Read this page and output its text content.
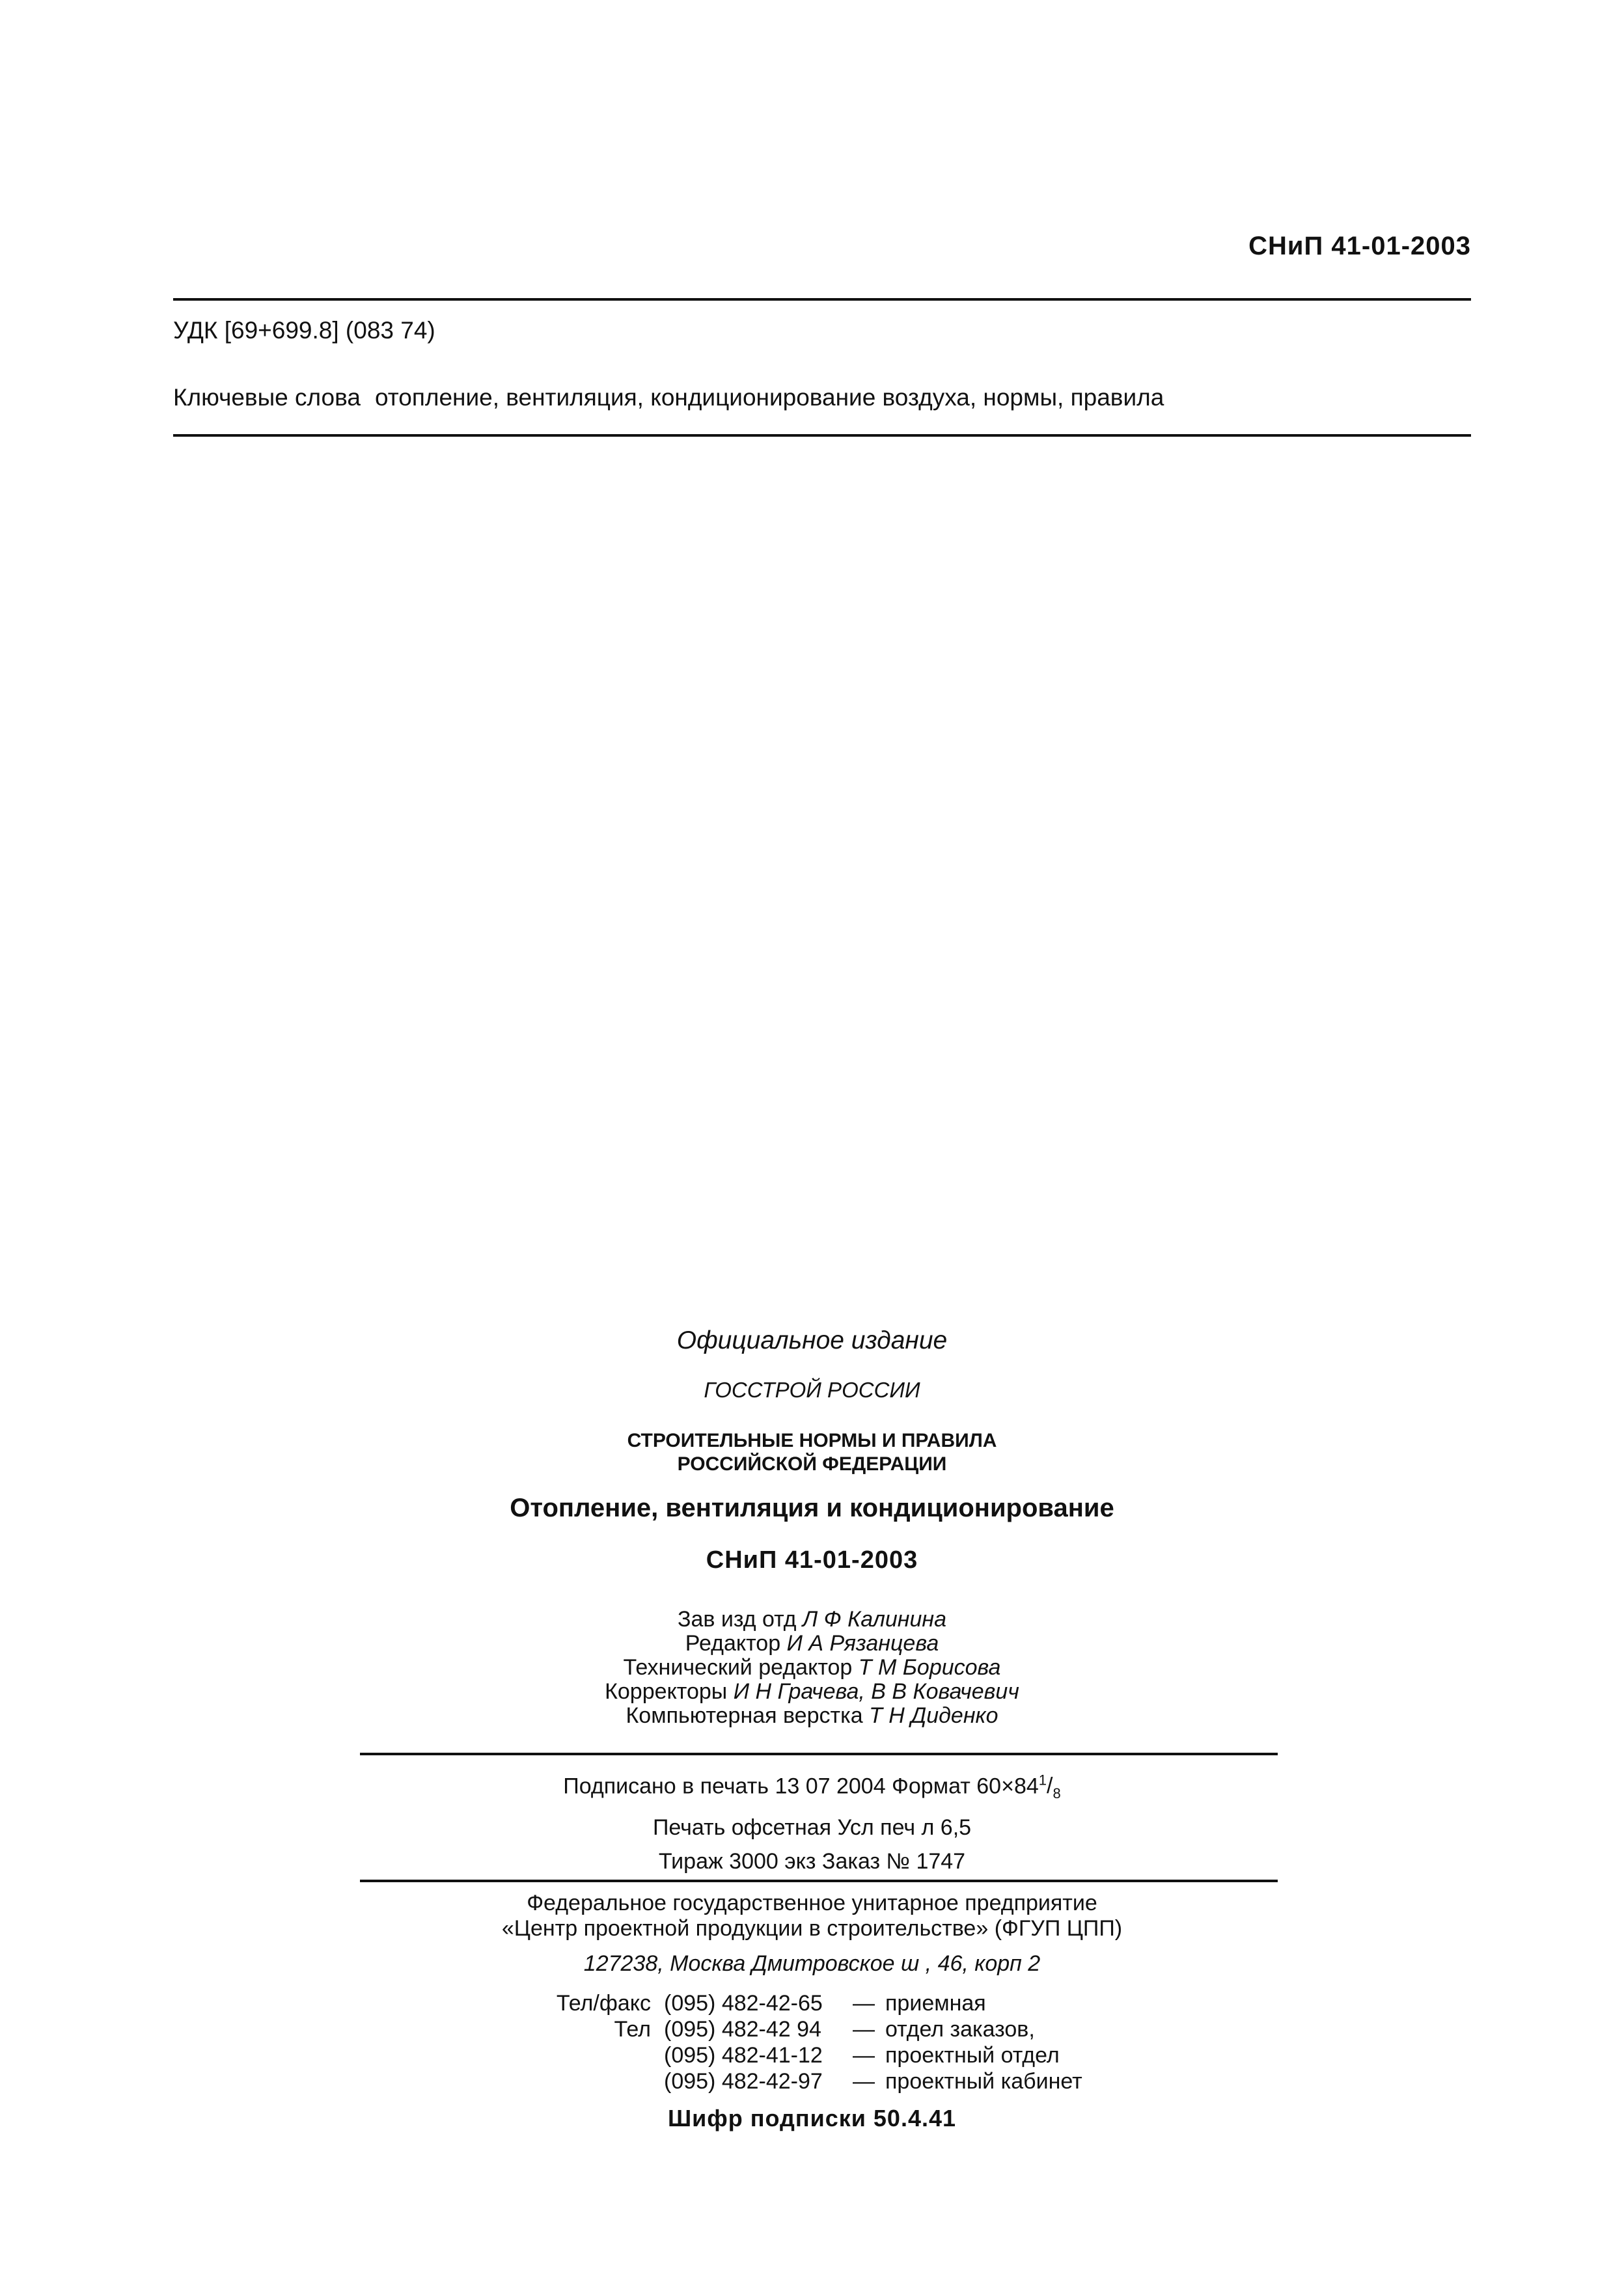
СНиП 41-01-2003
УДК [69+699.8] (083 74)
Ключевые слова отопление, вентиляция, кондиционирование воздуха, нормы, правила
Официальное издание
ГОССТРОЙ РОССИИ
СТРОИТЕЛЬНЫЕ НОРМЫ И ПРАВИЛА
РОССИЙСКОЙ ФЕДЕРАЦИИ
Отопление, вентиляция и кондиционирование
СНиП 41-01-2003
Зав изд отд Л Ф Калинина
Редактор И А Рязанцева
Технический редактор Т М Борисова
Корректоры И Н Грачева, В В Ковачевич
Компьютерная верстка Т Н Диденко
Подписано в печать 13 07 2004 Формат $60\times 84^1/_8$
Печать офсетная Усл печ л 6,5
Тираж 3000 экз Заказ № 1747
Федеральное государственное унитарное предприятие
«Центр проектной продукции в строительстве» (ФГУП ЦПП)
127238, Москва Дмитровское ш , 46, корп 2
Тел/факс (095) 482-42-65	— приемная
Тел (095) 482-42 94	— отдел заказов,
(095) 482-41-12	— проектный отдел
(095) 482-42-97	— проектный кабинет
Шифр подписки 50.4.41
